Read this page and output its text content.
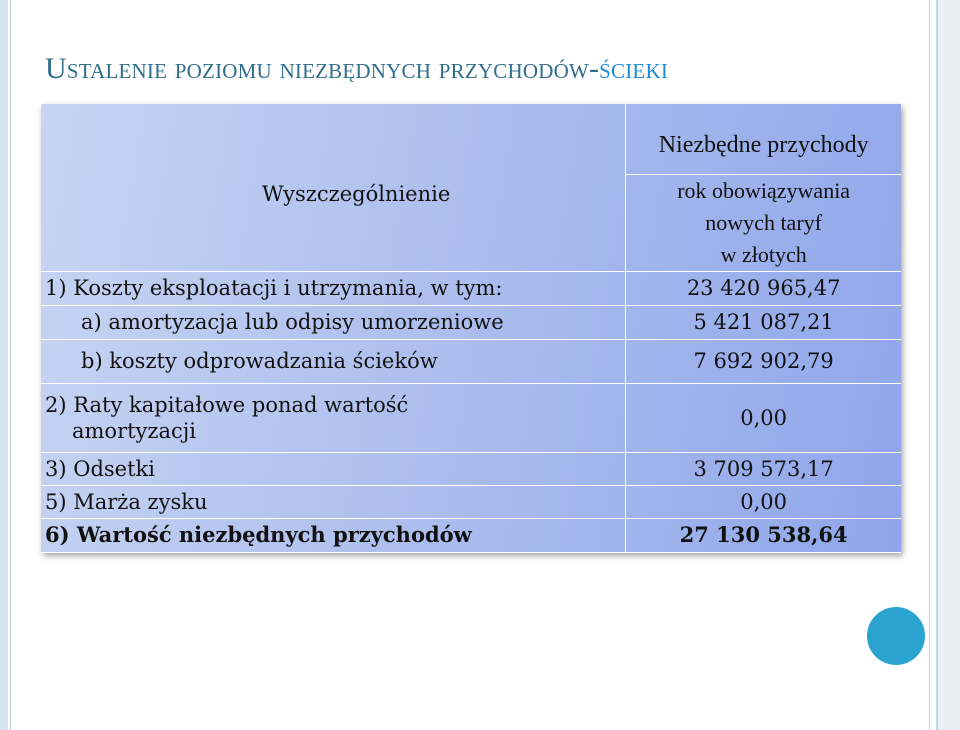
Ustalenie poziomu niezbędnych przychodów-ścieki
Wyszczególnienie	Niezbędne przychody

	rok obowiązywania
nowych taryf
w złotych

1) Koszty eksploatacji i utrzymania, w tym:	23 420 965,47
a) amortyzacja lub odpisy umorzeniowe	5 421 087,21
b) koszty odprowadzania ścieków	7 692 902,79

2) Raty kapitałowe ponad wartość
amortyzacji	0,00
3) Odsetki	3 709 573,17
5) Marża zysku	0,00
6) Wartość niezbędnych przychodów	27 130 538,64
